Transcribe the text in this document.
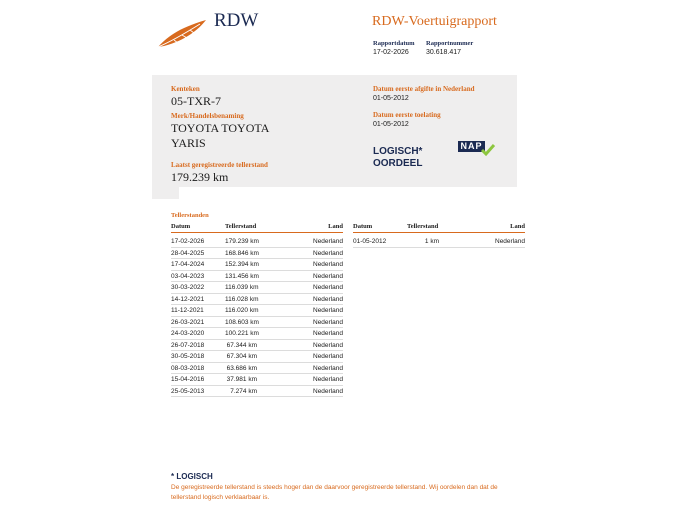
RDW	RDW-Voertuigrapport
Rapportdatum
17-02-2026
Rapportnummer
30.618.417
Kenteken
05-TXR-7
Merk/Handelsbenaming
TOYOTA TOYOTA
YARIS
Laatst geregistreerde tellerstand
179.239 km
Datum eerste afgifte in Nederland
01-05-2012
Datum eerste toelating
01-05-2012
LOGISCH*
OORDEEL
NAP
Tellerstanden
Datum	Tellerstand	Land
17-02-2026	179.239 km	Nederland
28-04-2025	168.846 km	Nederland
17-04-2024	152.394 km	Nederland
03-04-2023	131.456 km	Nederland
30-03-2022	116.039 km	Nederland
14-12-2021	116.028 km	Nederland
11-12-2021	116.020 km	Nederland
26-03-2021	108.603 km	Nederland
24-03-2020	100.221 km	Nederland
26-07-2018	67.344 km	Nederland
30-05-2018	67.304 km	Nederland
08-03-2018	63.686 km	Nederland
15-04-2016	37.981 km	Nederland
25-05-2013	7.274 km	Nederland
Datum	Tellerstand	Land
01-05-2012	1 km	Nederland
* LOGISCH
De geregistreerde tellerstand is steeds hoger dan de daarvoor geregistreerde tellerstand. Wij oordelen dan dat de
tellerstand logisch verklaarbaar is.
